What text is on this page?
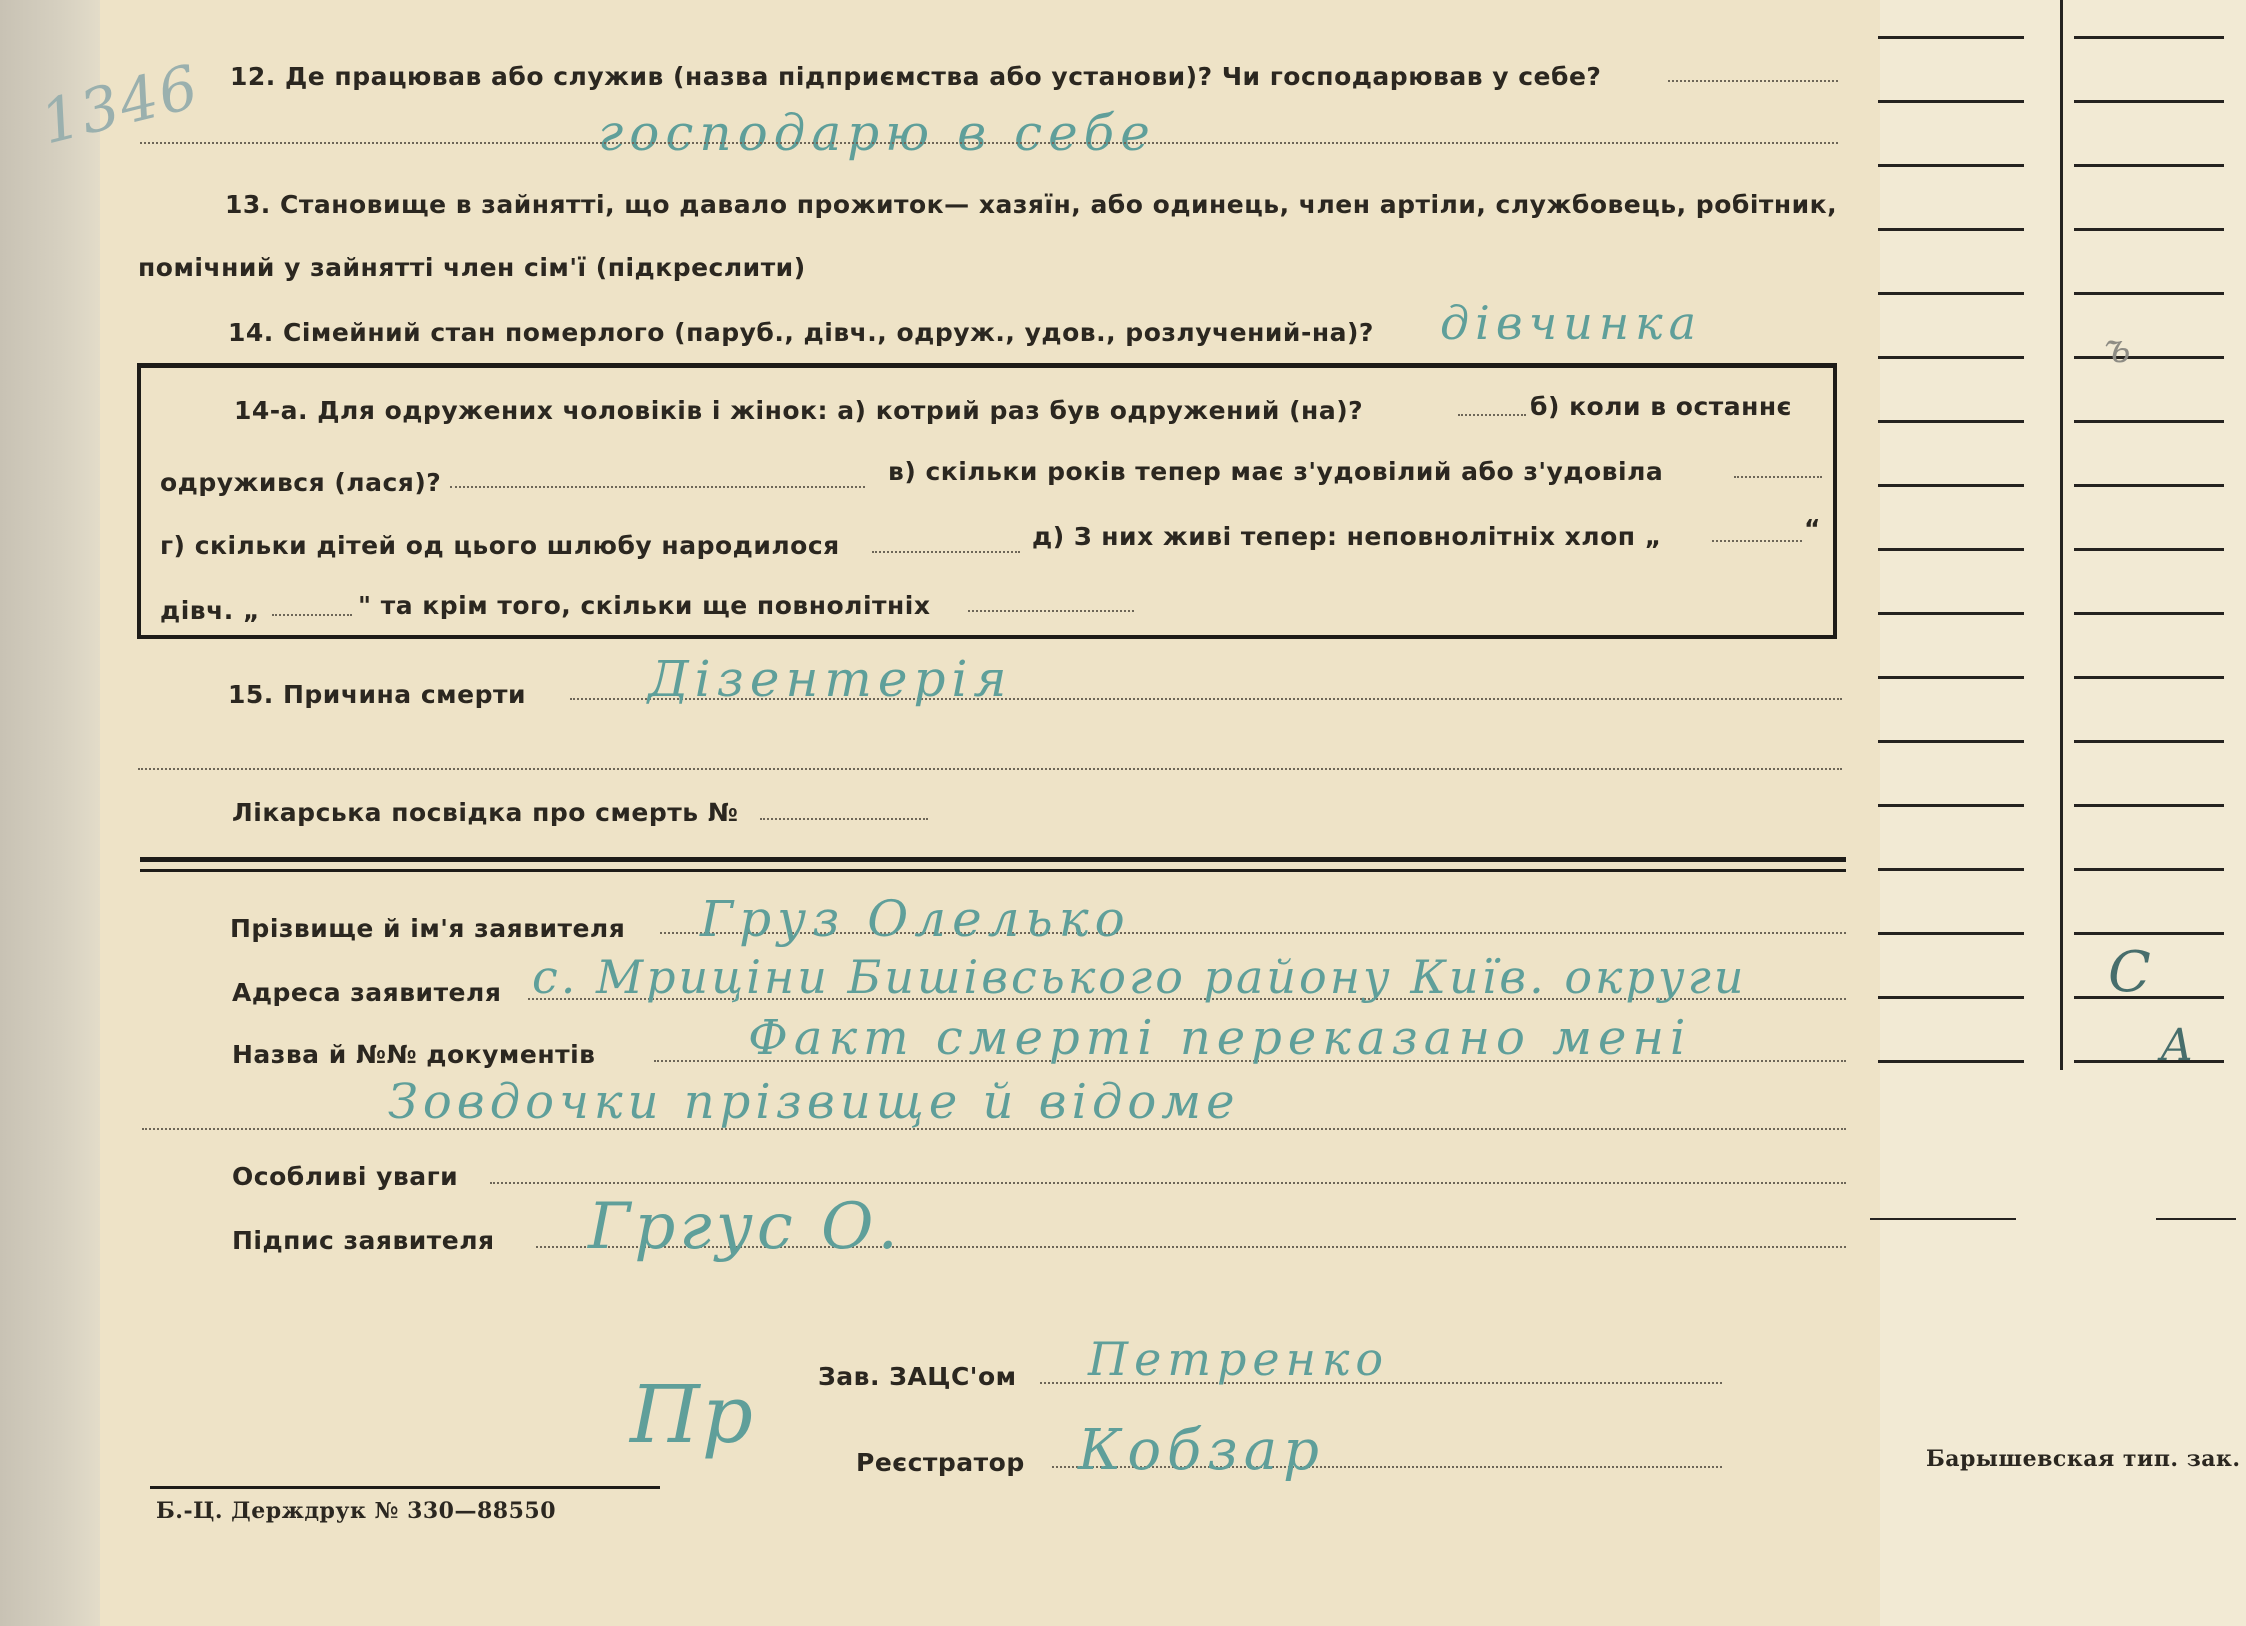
1346 12. Де працював або служив (назва підприємства або установи)? Чи господарював у себе?
господарю в себе
13. Становище в зайнятті, що давало прожиток— хазяїн, або одинець, член артіли, службовець, робітник,
помічний у зайнятті член сім'ї (підкреслити)
14. Сімейний стан померлого (паруб., дівч., одруж., удов., розлучений-на)? дівчинка
14-а. Для одружених чоловіків і жінок: а) котрий раз був одружений (на)?	б) коли в останнє
одружився (лася)?	в) скільки років тепер має з'удовілий або з'удовіла
г) скільки дітей од цього шлюбу народилося	д) З них живі тепер: неповнолітніх хлоп „	“
дівч. „	" та крім того, скільки ще повнолітніх
15. Причина смерти Дізентерія
Лікарська посвідка про смерть №
Прізвище й ім'я заявителя Груз Олелько
Адреса заявителя с. Мриціни Бишівського району Київ. округи
Назва й №№ документів	Факт смерті переказано мені
Зовдочки прізвище й відоме
Особливі уваги
Підпис заявителя Гргус О.
Зав. ЗАЦС'ом Петренко
Реєстратор Кобзар
Пр
Б.-Ц. Держдрук № 330—88550
Барышевская тип. зак.
ъ
С
А
